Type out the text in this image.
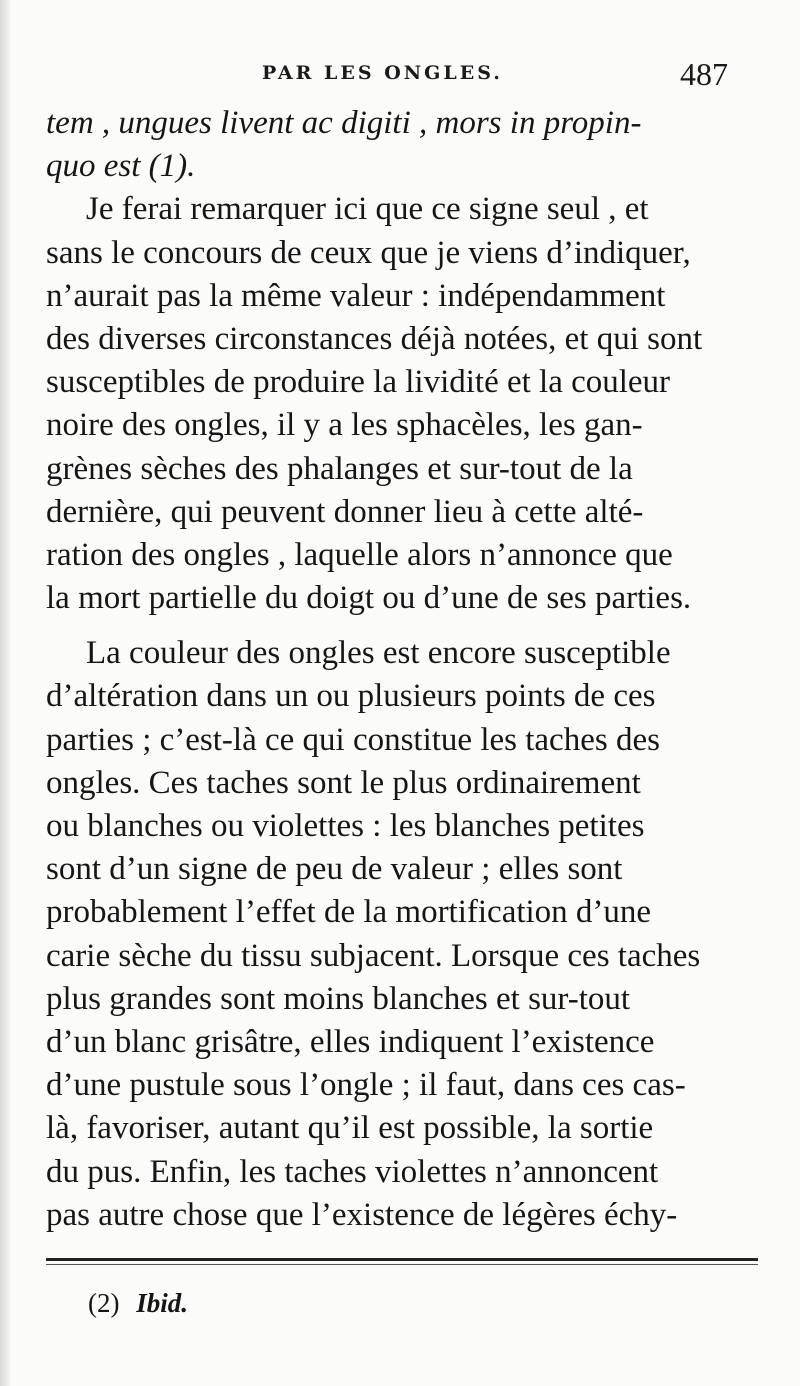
PAR LES ONGLES.	487
tem , ungues livent ac digiti , mors in propin-
quo est (1).
Je ferai remarquer ici que ce signe seul , et
sans le concours de ceux que je viens d’indiquer,
n’aurait pas la même valeur : indépendamment
des diverses circonstances déjà notées, et qui sont
susceptibles de produire la lividité et la couleur
noire des ongles, il y a les sphacèles, les gan-
grènes sèches des phalanges et sur-tout de la
dernière, qui peuvent donner lieu à cette alté-
ration des ongles , laquelle alors n’annonce que
la mort partielle du doigt ou d’une de ses parties.
La couleur des ongles est encore susceptible
d’altération dans un ou plusieurs points de ces
parties ; c’est-là ce qui constitue les taches des
ongles. Ces taches sont le plus ordinairement
ou blanches ou violettes : les blanches petites
sont d’un signe de peu de valeur ; elles sont
probablement l’effet de la mortification d’une
carie sèche du tissu subjacent. Lorsque ces taches
plus grandes sont moins blanches et sur-tout
d’un blanc grisâtre, elles indiquent l’existence
d’une pustule sous l’ongle ; il faut, dans ces cas-
là, favoriser, autant qu’il est possible, la sortie
du pus. Enfin, les taches violettes n’annoncent
pas autre chose que l’existence de légères échy-
(2) Ibid.
